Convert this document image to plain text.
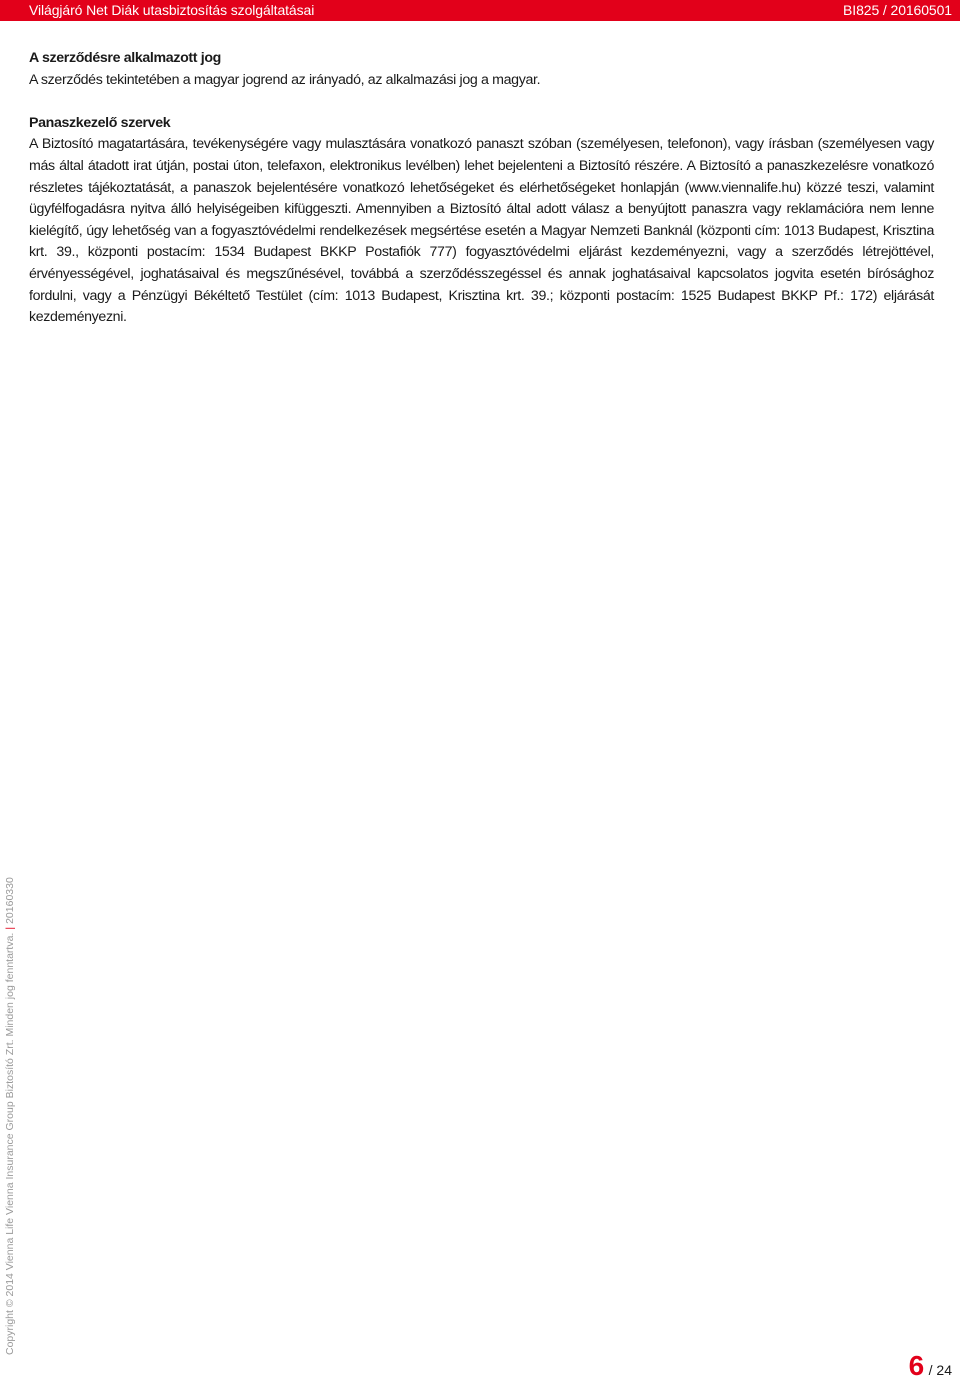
Világjáró Net Diák utasbiztosítás szolgáltatásai	BI825 / 20160501

A szerződésre alkalmazott jog

A szerződés tekintetében a magyar jogrend az irányadó, az alkalmazási jog a magyar.

Panaszkezelő szervek

A Biztosító magatartására, tevékenységére vagy mulasztására vonatkozó panaszt szóban (személyesen, telefonon), vagy írásban (személyesen vagy más által átadott irat útján, postai úton, telefaxon, elektronikus levélben) lehet bejelenteni a Biztosító részére. A Biztosító a panaszkezelésre vonatkozó részletes tájékoztatását, a panaszok bejelentésére vonatkozó lehetőségeket és elérhetőségeket honlapján (www.viennalife.hu) közzé teszi, valamint ügyfélfogadásra nyitva álló helyiségeiben kifüggeszti. Amennyiben a Biztosító által adott válasz a benyújtott panaszra vagy reklamációra nem lenne kielégítő, úgy lehetőség van a fogyasztóvédelmi rendelkezések megsértése esetén a Magyar Nemzeti Banknál (központi cím: 1013 Budapest, Krisztina krt. 39., központi postacím: 1534 Budapest BKKP Postafiók 777) fogyasztóvédelmi eljárást kezdeményezni, vagy a szerződés létrejöttével, érvényességével, joghatásaival és megszűnésével, továbbá a szerződésszegéssel és annak joghatásaival kapcsolatos jogvita esetén bírósághoz fordulni, vagy a Pénzügyi Békéltető Testület (cím: 1013 Budapest, Krisztina krt. 39.; központi postacím: 1525 Budapest BKKP Pf.: 172) eljárását kezdeményezni.

Copyright © 2014 Vienna Life Vienna Insurance Group Biztosító Zrt. Minden jog fenntartva.|20160330
6 / 24
